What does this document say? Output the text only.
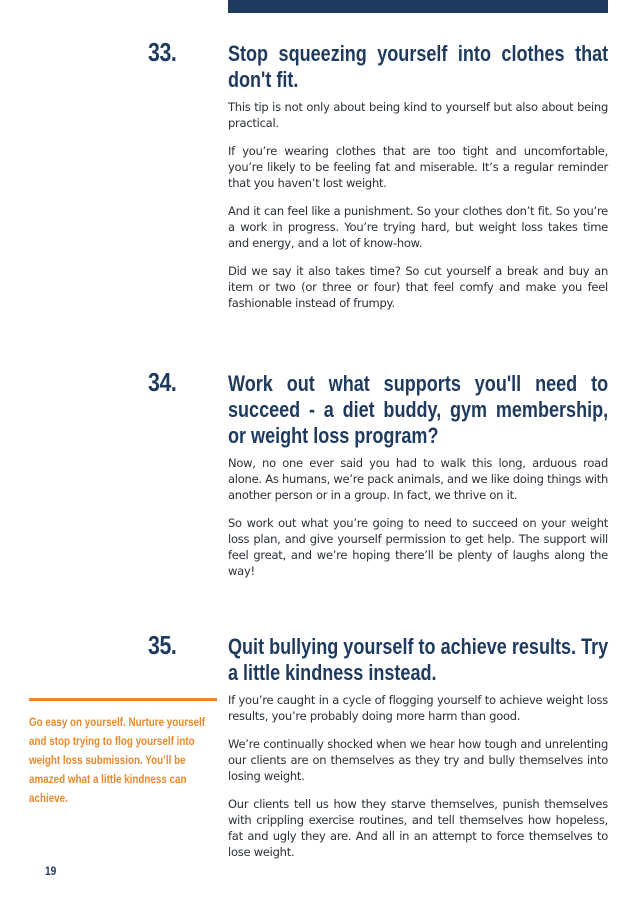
33.	Stop squeezing yourself into clothes that don't fit.

This tip is not only about being kind to yourself but also about being practical.

If you’re wearing clothes that are too tight and uncomfortable, you’re likely to be feeling fat and miserable. It’s a regular reminder that you haven’t lost weight.

And it can feel like a punishment. So your clothes don’t fit. So you’re a work in progress. You’re trying hard, but weight loss takes time and energy, and a lot of know-how.

Did we say it also takes time? So cut yourself a break and buy an item or two (or three or four) that feel comfy and make you feel fashionable instead of frumpy.

34.	Work out what supports you'll need to succeed - a diet buddy, gym membership, or weight loss program?

Now, no one ever said you had to walk this long, arduous road alone. As humans, we’re pack animals, and we like doing things with another person or in a group. In fact, we thrive on it.

So work out what you’re going to need to succeed on your weight loss plan, and give yourself permission to get help. The support will feel great, and we’re hoping there’ll be plenty of laughs along the way!

35.	Quit bullying yourself to achieve results. Try a little kindness instead.

If you’re caught in a cycle of flogging yourself to achieve weight loss results, you’re probably doing more harm than good.

We’re continually shocked when we hear how tough and unrelenting our clients are on themselves as they try and bully themselves into losing weight.

Our clients tell us how they starve themselves, punish themselves with crippling exercise routines, and tell themselves how hopeless, fat and ugly they are. And all in an attempt to force themselves to lose weight.

Go easy on yourself. Nurture yourself and stop trying to flog yourself into weight loss submission. You’ll be amazed what a little kindness can achieve.

19
